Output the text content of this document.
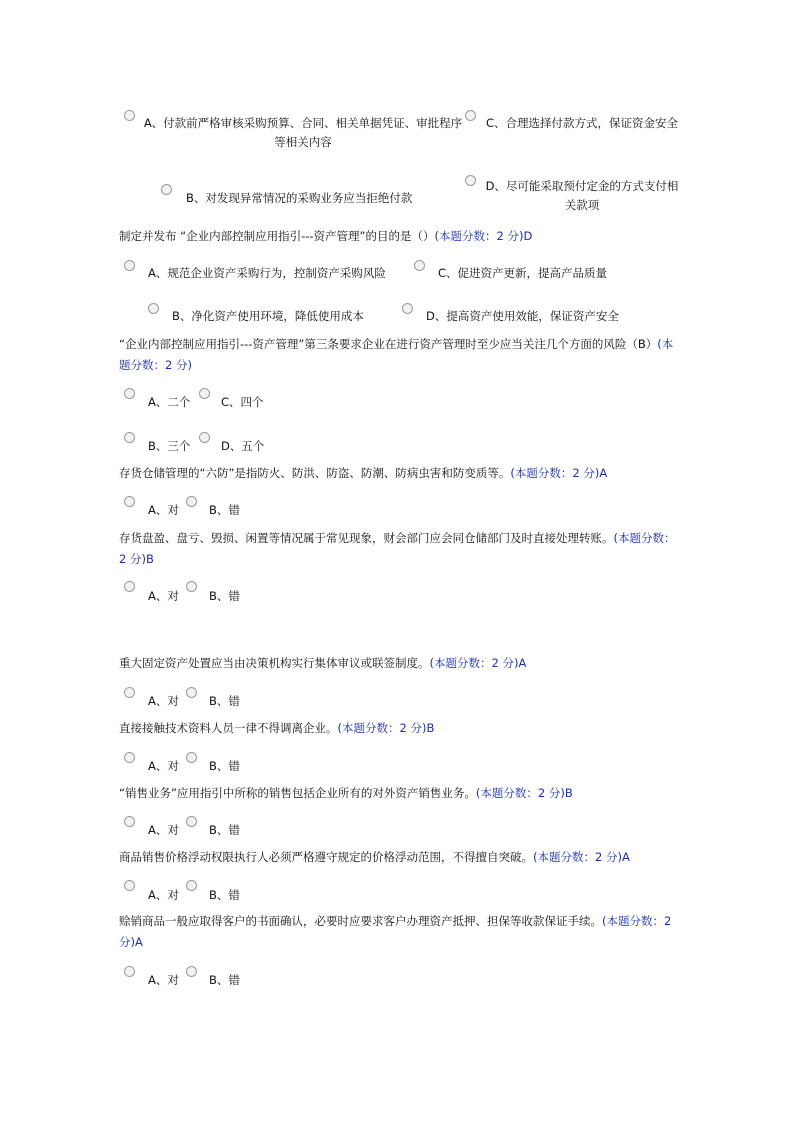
A、付款前严格审核采购预算、合同、相关单据凭证、审批程序等相关内容
C、合理选择付款方式，保证资金安全
B、对发现异常情况的采购业务应当拒绝付款
D、尽可能采取预付定金的方式支付相关款项
制定并发布 “企业内部控制应用指引---资产管理”的目的是（）(本题分数：2 分)D
A、规范企业资产采购行为，控制资产采购风险	C、促进资产更新，提高产品质量
B、净化资产使用环境，降低使用成本	D、提高资产使用效能，保证资产安全
“企业内部控制应用指引---资产管理”第三条要求企业在进行资产管理时至少应当关注几个方面的风险（B）(本题分数：2 分)
A、二个	C、四个
B、三个	D、五个
存货仓储管理的“六防”是指防火、防洪、防盗、防潮、防病虫害和防变质等。(本题分数：2 分)A
A、对	B、错
存货盘盈、盘亏、毁损、闲置等情况属于常见现象，财会部门应会同仓储部门及时直接处理转账。(本题分数：2 分)B
A、对	B、错
重大固定资产处置应当由决策机构实行集体审议或联签制度。(本题分数：2 分)A
A、对	B、错
直接接触技术资料人员一律不得调离企业。(本题分数：2 分)B
A、对	B、错
“销售业务”应用指引中所称的销售包括企业所有的对外资产销售业务。(本题分数：2 分)B
A、对	B、错
商品销售价格浮动权限执行人必须严格遵守规定的价格浮动范围，不得擅自突破。(本题分数：2 分)A
A、对	B、错
赊销商品一般应取得客户的书面确认，必要时应要求客户办理资产抵押、担保等收款保证手续。(本题分数：2 分)A
A、对	B、错
